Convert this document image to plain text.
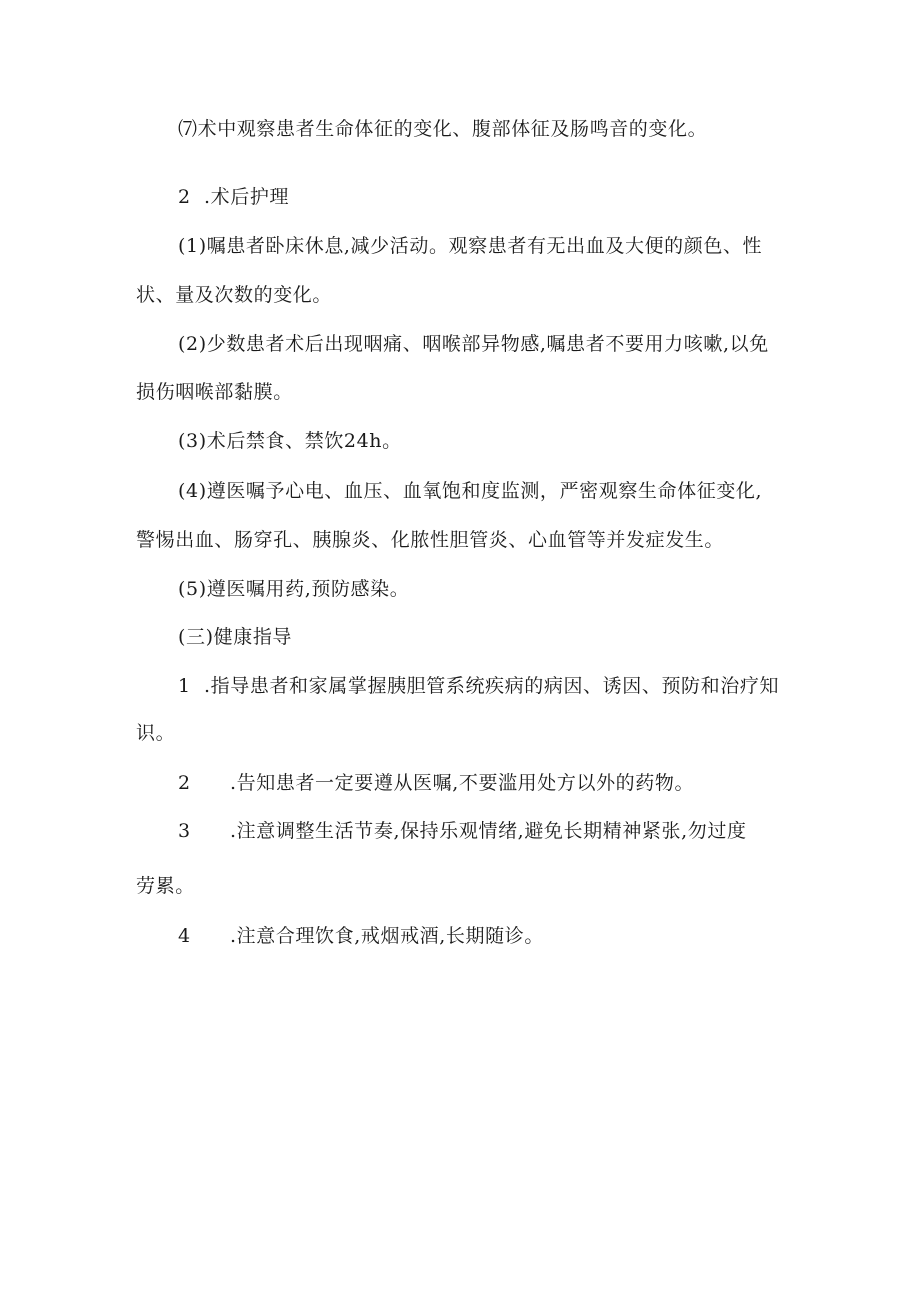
⑺术中观察患者生命体征的变化、腹部体征及肠鸣音的变化。
2 .术后护理
(1)嘱患者卧床休息,减少活动。观察患者有无出血及大便的颜色、性
状、量及次数的变化。
(2)少数患者术后出现咽痛、咽喉部异物感,嘱患者不要用力咳嗽,以免
损伤咽喉部黏膜。
(3)术后禁食、禁饮24h。
(4)遵医嘱予心电、血压、血氧饱和度监测，严密观察生命体征变化,
警惕出血、肠穿孔、胰腺炎、化脓性胆管炎、心血管等并发症发生。
(5)遵医嘱用药,预防感染。
(三)健康指导
1 .指导患者和家属掌握胰胆管系统疾病的病因、诱因、预防和治疗知
识。
2 .告知患者一定要遵从医嘱,不要滥用处方以外的药物。
3 .注意调整生活节奏,保持乐观情绪,避免长期精神紧张,勿过度
劳累。
4 .注意合理饮食,戒烟戒酒,长期随诊。
